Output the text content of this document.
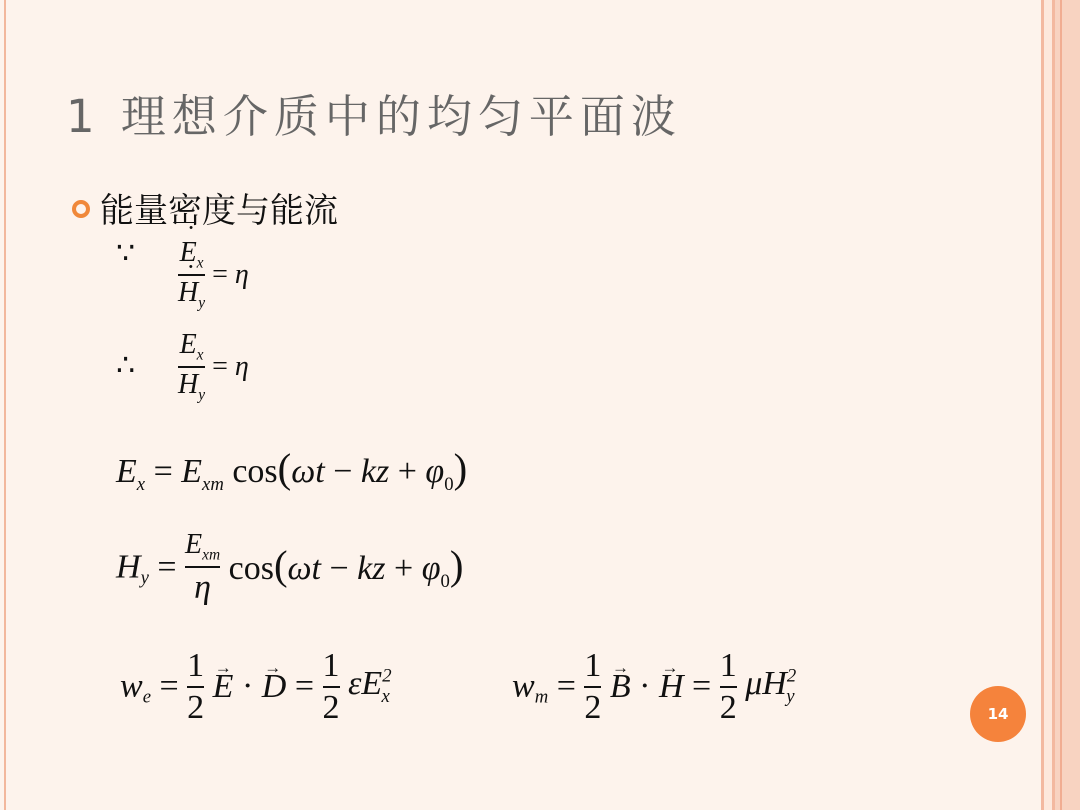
1 理想介质中的均匀平面波
能量密度与能流
∵
˙ $E_x$
˙ $H_y = \eta$
∴ $\frac{E_x}{H_y} = \eta$
$E_x = E_{xm}$ cos(ωt − kz + $\varphi_0$)
$H_y = \frac{E_{xm}}{\eta} \cos(\omega t$ − kz + $\varphi_0$)
$w_e = \frac{1}{2}$
→ E · → $D = \frac{1}{2} \varepsilon E^2_x$	$w_m = \frac{1}{2}$
→ B · → $H = \frac{1}{2} \mu H^2_y$
14
